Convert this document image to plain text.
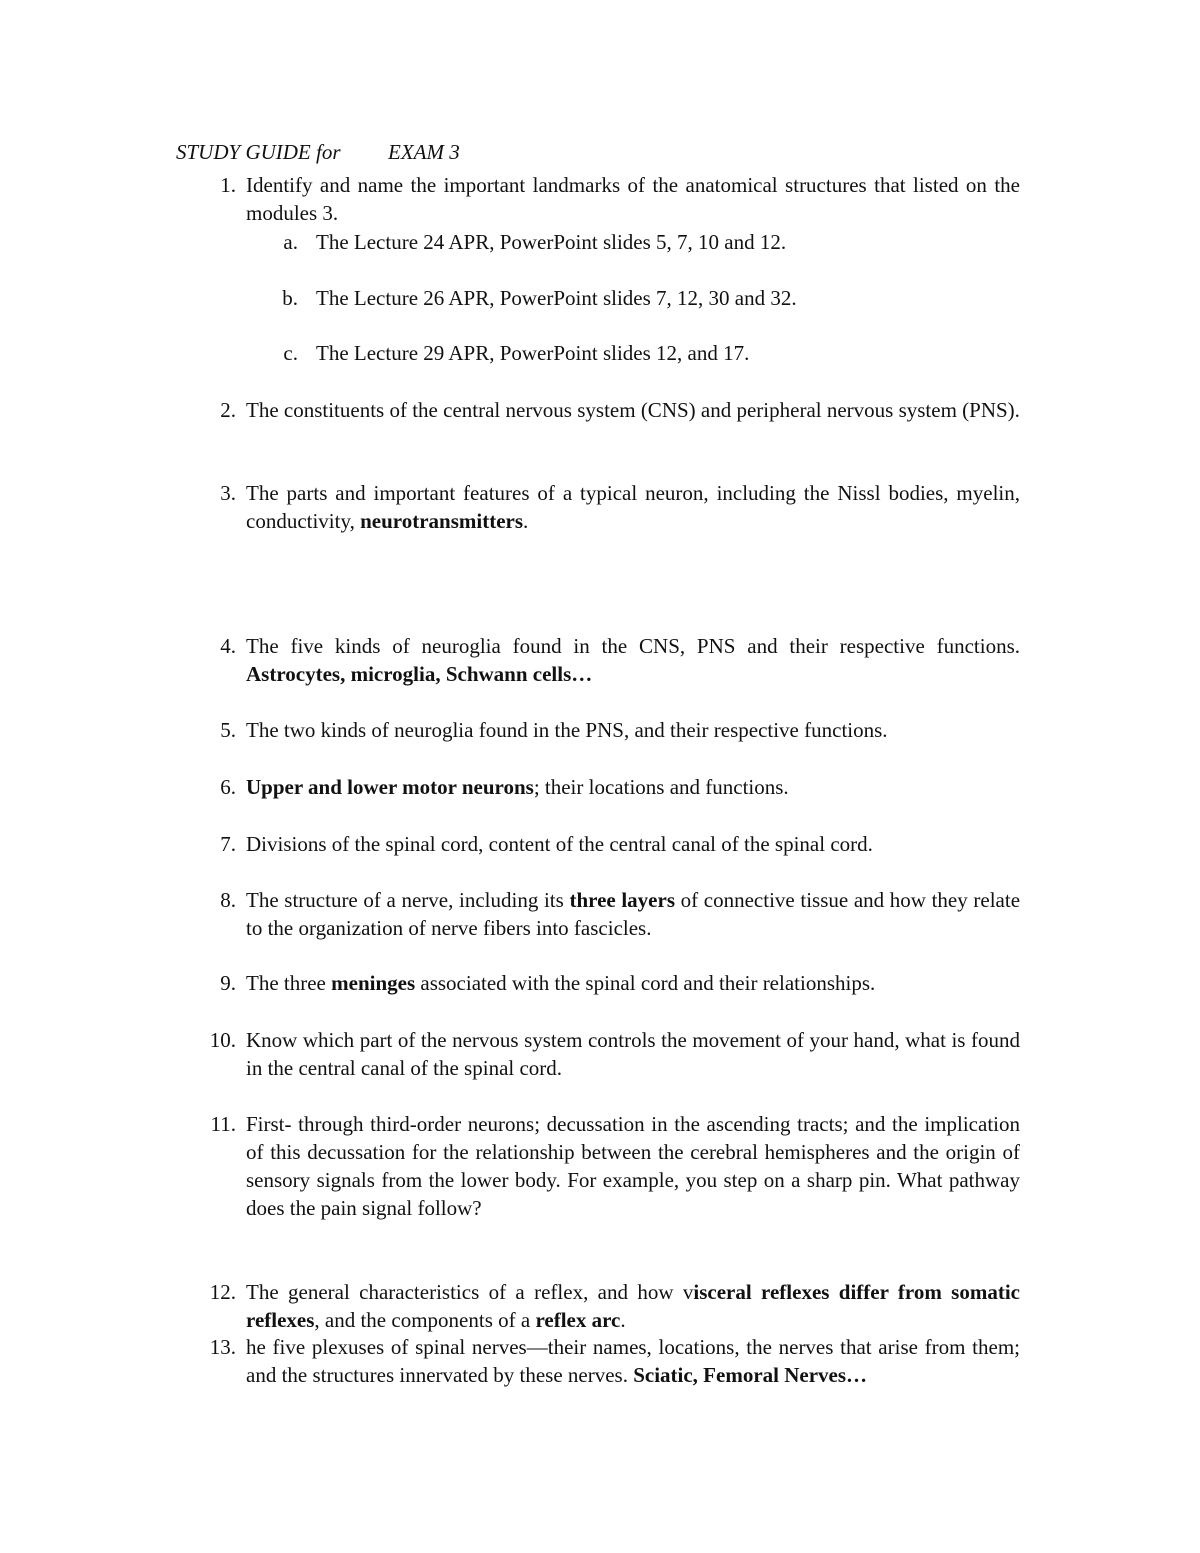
STUDY GUIDE for EXAM 3
1. Identify and name the important landmarks of the anatomical structures that listed on the modules 3.
a. The Lecture 24 APR, PowerPoint slides 5, 7, 10 and 12.
b. The Lecture 26 APR, PowerPoint slides 7, 12, 30 and 32.
c. The Lecture 29 APR, PowerPoint slides 12, and 17.
2. The constituents of the central nervous system (CNS) and peripheral nervous system (PNS).
3. The parts and important features of a typical neuron, including the Nissl bodies, myelin, conductivity, neurotransmitters.
4. The five kinds of neuroglia found in the CNS, PNS and their respective functions. Astrocytes, microglia, Schwann cells…
5. The two kinds of neuroglia found in the PNS, and their respective functions.
6. Upper and lower motor neurons; their locations and functions.
7. Divisions of the spinal cord, content of the central canal of the spinal cord.
8. The structure of a nerve, including its three layers of connective tissue and how they relate to the organization of nerve fibers into fascicles.
9. The three meninges associated with the spinal cord and their relationships.
10. Know which part of the nervous system controls the movement of your hand, what is found in the central canal of the spinal cord.
11. First- through third-order neurons; decussation in the ascending tracts; and the implication of this decussation for the relationship between the cerebral hemispheres and the origin of sensory signals from the lower body. For example, you step on a sharp pin. What pathway does the pain signal follow?
12. The general characteristics of a reflex, and how visceral reflexes differ from somatic reflexes, and the components of a reflex arc.
13. he five plexuses of spinal nerves—their names, locations, the nerves that arise from them; and the structures innervated by these nerves. Sciatic, Femoral Nerves…
